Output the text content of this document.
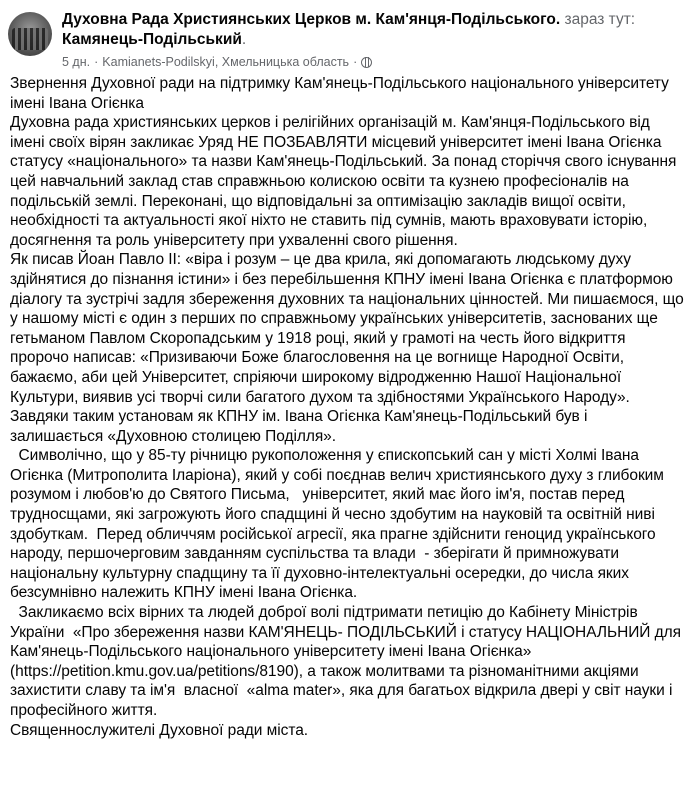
Духовна Рада Християнських Церков м. Кам'янця-Подільського. зараз тут: Камянець-Подільський.
5 дн. · Kamianets-Podilskyi, Хмельницька область ·

Звернення Духовної ради на підтримку Кам'янець-Подільського національного університету імені Івана Огієнка

Духовна рада християнських церков і релігійних організацій м. Кам'янця-Подільського від імені своїх вірян закликає Уряд НЕ ПОЗБАВЛЯТИ місцевий університет імені Івана Огієнка статусу «національного» та назви Кам'янець-Подільський. За понад сторіччя свого існування цей навчальний заклад став справжньою колискою освіти та кузнею професіоналів на подільській землі. Переконані, що відповідальні за оптимізацію закладів вищої освіти, необхідності та актуальності якої ніхто не ставить під сумнів, мають враховувати історію, досягнення та роль університету при ухваленні свого рішення.

Як писав Йоан Павло ІІ: «віра і розум – це два крила, які допомагають людському духу здійнятися до пізнання істини» і без перебільшення КПНУ імені Івана Огієнка є платформою діалогу та зустрічі задля збереження духовних та національних цінностей. Ми пишаємося, що у нашому місті є один з перших по справжньому українських університетів, заснованих ще гетьманом Павлом Скоропадським у 1918 році, який у грамоті на честь його відкриття пророчо написав: «Призиваючи Боже благословення на це вогнище Народної Освіти, бажаємо, аби цей Університет, спріяючи широкому відродженню Нашої Національної Культури, виявив усі творчі сили багатого духом та здібностями Українського Народу».

Завдяки таким установам як КПНУ ім. Івана Огієнка Кам'янець-Подільський був і залишається «Духовною столицею Поділля».

Символічно, що у 85-ту річницю рукоположення у єпископський сан у місті Холмі Івана Огієнка (Митрополита Іларіона), який у собі поєднав велич християнського духу з глибоким розумом і любов'ю до Святого Письма,   університет, який має його ім'я, постав перед трудносщами, які загрожують його спадщині й чесно здобутим на науковій та освітній ниві здобуткам.  Перед обличчям російської агресії, яка прагне здійснити геноцид українського народу, першочерговим завданням суспільства та влади  - зберігати й примножувати національну культурну спадщину та її духовно-інтелектуальні осередки, до числа яких безсумнівно належить КПНУ імені Івана Огієнка.

Закликаємо всіх вірних та людей доброї волі підтримати петицію до Кабінету Міністрів України  «Про збереження назви КАМ'ЯНЕЦЬ- ПОДІЛЬСЬКИЙ і статусу НАЦІОНАЛЬНИЙ для Кам'янець-Подільського національного університету імені Івана Огієнка» (https://petition.kmu.gov.ua/petitions/8190), а також молитвами та різноманітними акціями захистити славу та ім'я  власної  «alma mater», яка для багатьох відкрила двері у світ науки і професійного життя.

Священнослужителі Духовної ради міста.
